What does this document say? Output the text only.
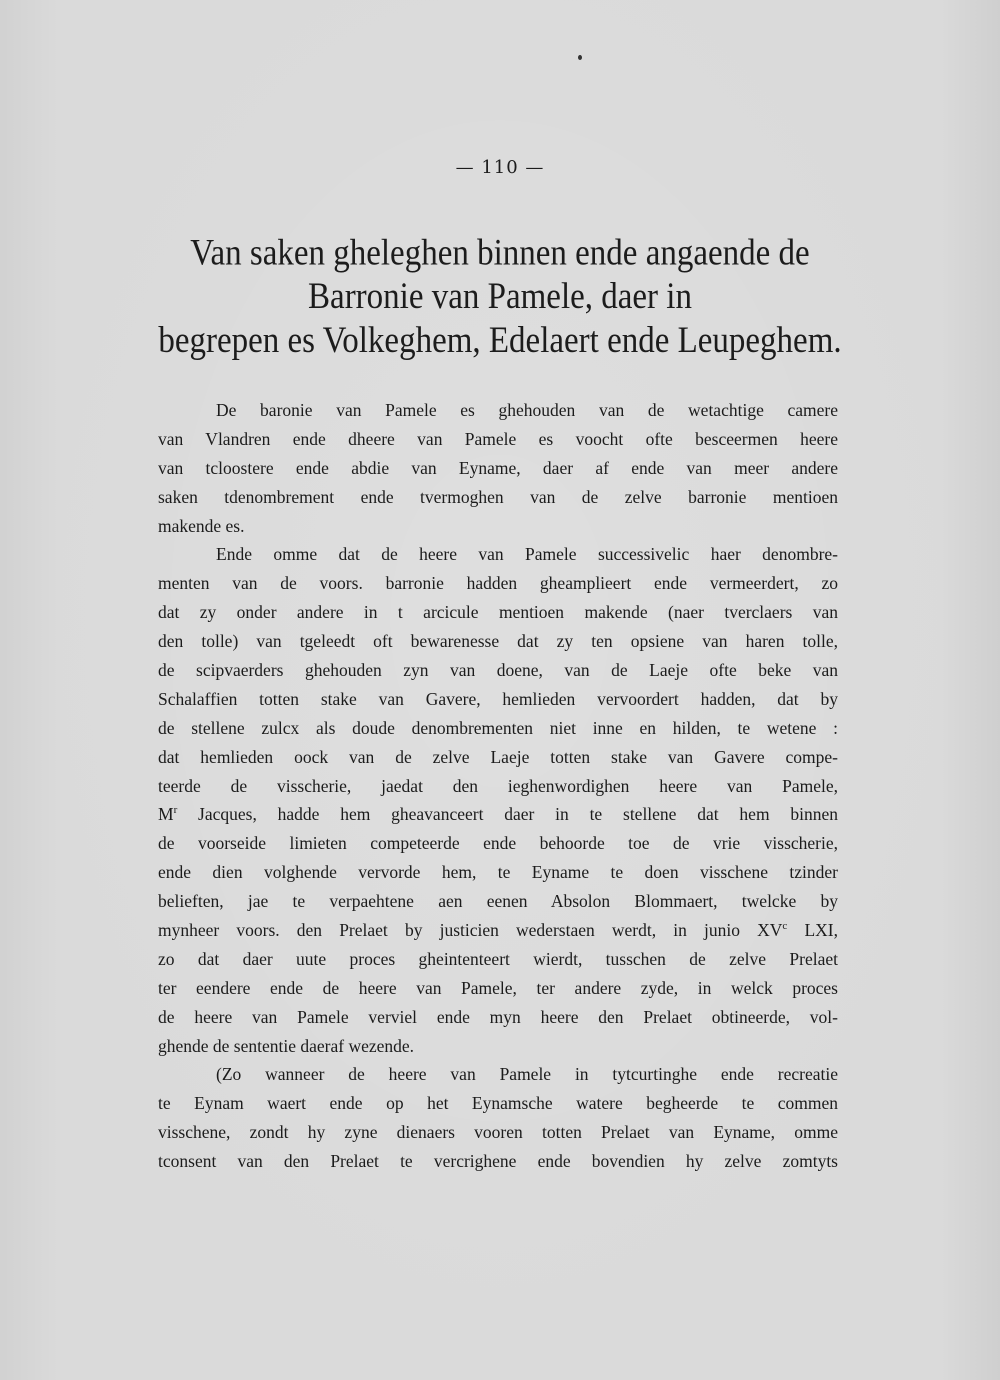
— 110 —
Van saken gheleghen binnen ende angaende de
Barronie van Pamele, daer in
begrepen es Volkeghem, Edelaert ende Leupeghem.
De baronie van Pamele es ghehouden van de wetachtige camere
van Vlandren ende dheere van Pamele es voocht ofte besceermen heere
van tcloostere ende abdie van Eyname, daer af ende van meer andere
saken tdenombrement ende tvermoghen van de zelve barronie mentioen
makende es.
Ende omme dat de heere van Pamele successivelic haer denombre-
menten van de voors. barronie hadden gheamplieert ende vermeerdert, zo
dat zy onder andere in t arcicule mentioen makende (naer tverclaers van
den tolle) van tgeleedt oft bewarenesse dat zy ten opsiene van haren tolle,
de scipvaerders ghehouden zyn van doene, van de Laeje ofte beke van
Schalaffien totten stake van Gavere, hemlieden vervoordert hadden, dat by
de stellene zulcx als doude denombrementen niet inne en hilden, te wetene :
dat hemlieden oock van de zelve Laeje totten stake van Gavere compe-
teerde de visscherie, jaedat den ieghenwordighen heere van Pamele,
$M^r$ Jacques, hadde hem gheavanceert daer in te stellene dat hem binnen
de voorseide limieten competeerde ende behoorde toe de vrie visscherie,
ende dien volghende vervorde hem, te Eyname te doen visschene tzinder
belieften, jae te verpaehtene aen eenen Absolon Blommaert, twelcke by
mynheer voors. den Prelaet by justicien wederstaen werdt, in junio $XV^c$ LXI,
zo dat daer uute proces gheintenteert wierdt, tusschen de zelve Prelaet
ter eendere ende de heere van Pamele, ter andere zyde, in welck proces
de heere van Pamele verviel ende myn heere den Prelaet obtineerde, vol-
ghende de sententie daeraf wezende.
(Zo wanneer de heere van Pamele in tytcurtinghe ende recreatie
te Eynam waert ende op het Eynamsche watere begheerde te commen
visschene, zondt hy zyne dienaers vooren totten Prelaet van Eyname, omme
tconsent van den Prelaet te vercrighene ende bovendien hy zelve zomtyts
